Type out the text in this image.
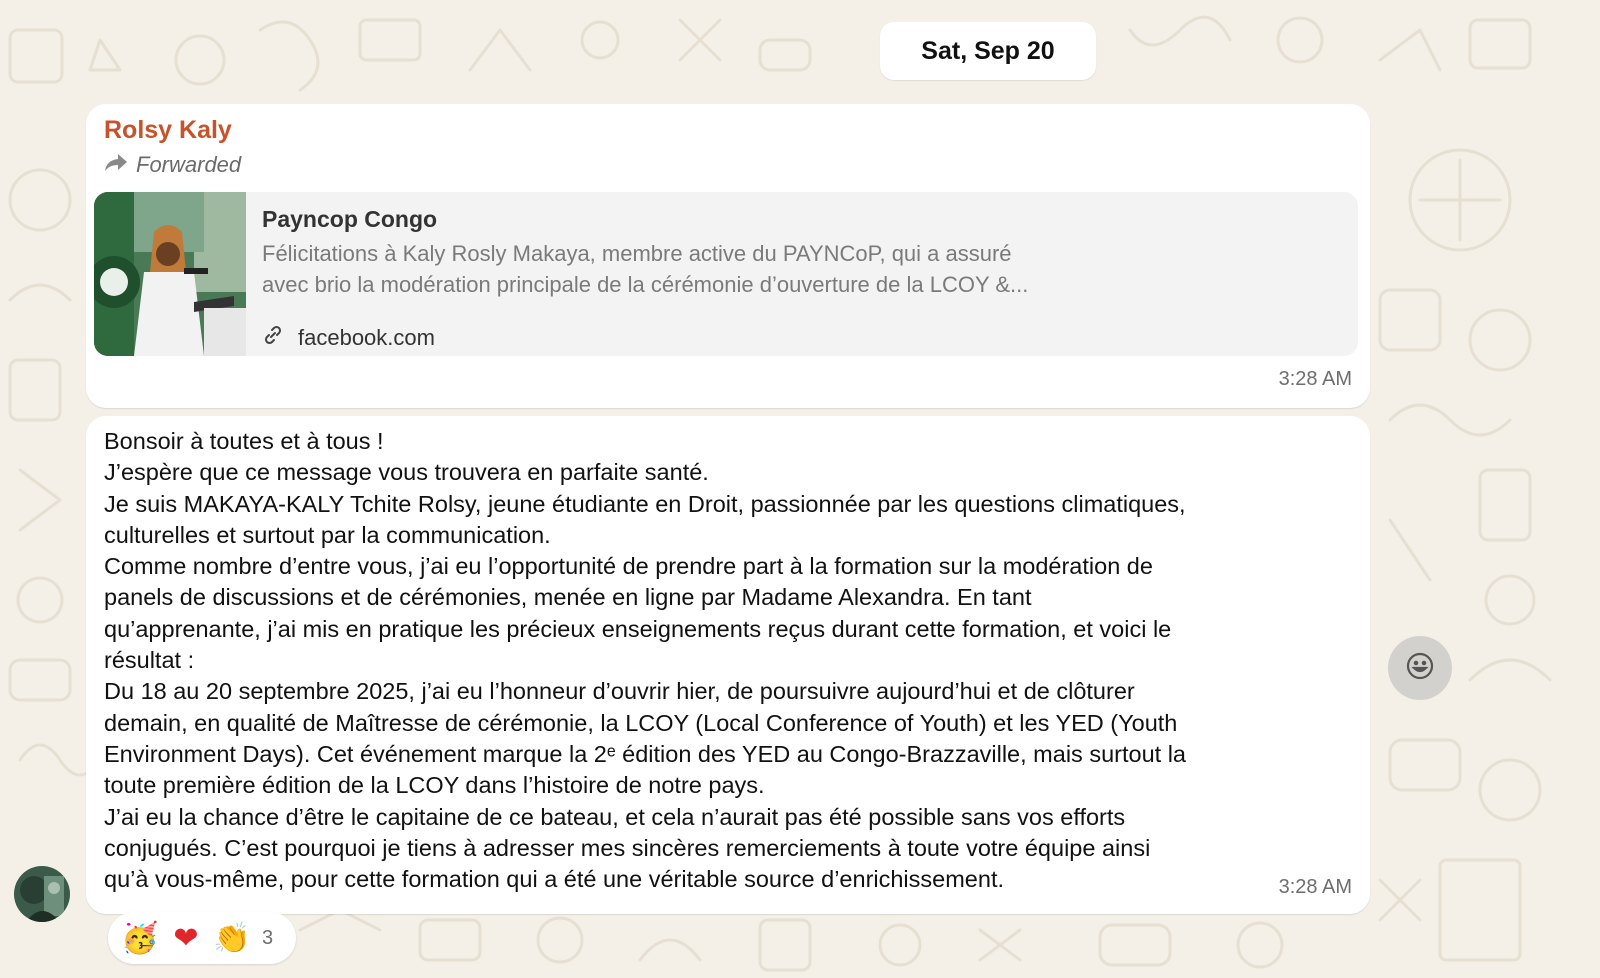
Sat, Sep 20
Rolsy Kaly
Forwarded
Payncop Congo
Félicitations à Kaly Rosly Makaya, membre active du PAYNCoP, qui a assuré
avec brio la modération principale de la cérémonie d’ouverture de la LCOY &...
facebook.com
3:28 AM
Bonsoir à toutes et à tous !
J’espère que ce message vous trouvera en parfaite santé.
Je suis MAKAYA-KALY Tchite Rolsy, jeune étudiante en Droit, passionnée par les questions climatiques,
culturelles et surtout par la communication.
Comme nombre d’entre vous, j’ai eu l’opportunité de prendre part à la formation sur la modération de
panels de discussions et de cérémonies, menée en ligne par Madame Alexandra. En tant
qu’apprenante, j’ai mis en pratique les précieux enseignements reçus durant cette formation, et voici le
résultat :
Du 18 au 20 septembre 2025, j’ai eu l’honneur d’ouvrir hier, de poursuivre aujourd’hui et de clôturer
demain, en qualité de Maîtresse de cérémonie, la LCOY (Local Conference of Youth) et les YED (Youth
Environment Days). Cet événement marque la 2ᵉ édition des YED au Congo-Brazzaville, mais surtout la
toute première édition de la LCOY dans l’histoire de notre pays.
J’ai eu la chance d’être le capitaine de ce bateau, et cela n’aurait pas été possible sans vos efforts
conjugués. C’est pourquoi je tiens à adresser mes sincères remerciements à toute votre équipe ainsi
qu’à vous-même, pour cette formation qui a été une véritable source d’enrichissement.	3:28 AM
🥳 ❤ 👏 3
